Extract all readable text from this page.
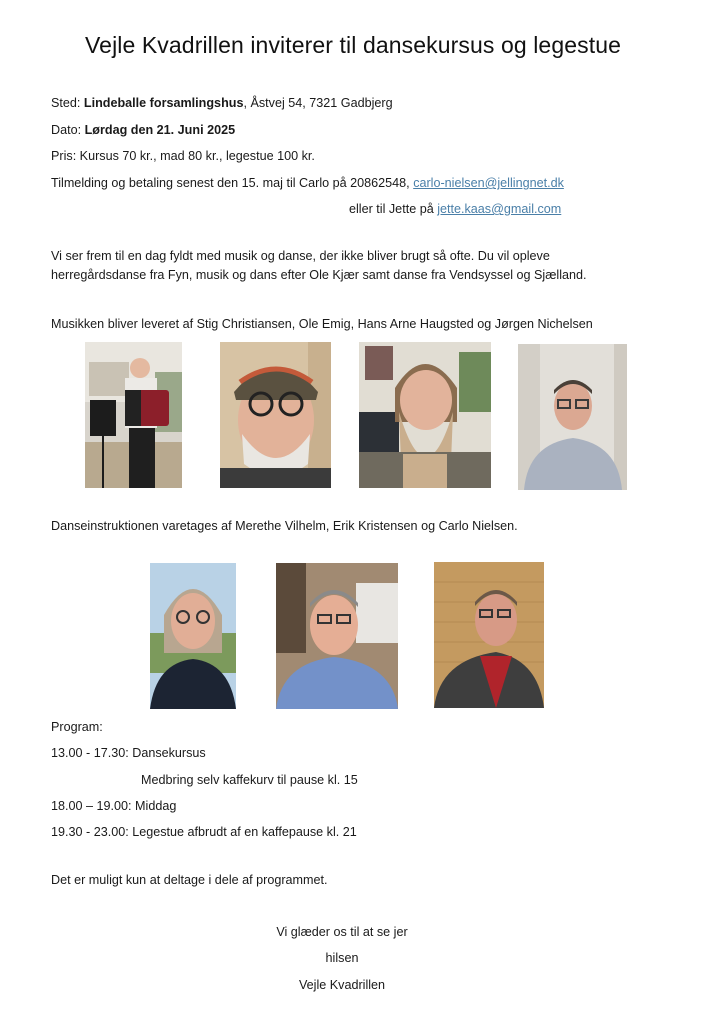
Vejle Kvadrillen inviterer til dansekursus og legestue
Sted: Lindeballe forsamlingshus, Åstvej 54, 7321 Gadbjerg
Dato: Lørdag den 21. Juni 2025
Pris: Kursus 70 kr., mad 80 kr., legestue 100 kr.
Tilmelding og betaling senest den 15. maj til Carlo på 20862548, carlo-nielsen@jellingnet.dk
eller til Jette på jette.kaas@gmail.com
Vi ser frem til en dag fyldt med musik og danse, der ikke bliver brugt så ofte. Du vil opleve
herregårdsdanse fra Fyn, musik og dans efter Ole Kjær samt danse fra Vendsyssel og Sjælland.
Musikken bliver leveret af Stig Christiansen, Ole Emig, Hans Arne Haugsted og Jørgen Nichelsen
Danseinstruktionen varetages af Merethe Vilhelm, Erik Kristensen og Carlo Nielsen.
Program:
13.00 - 17.30: Dansekursus
Medbring selv kaffekurv til pause kl. 15
18.00 – 19.00: Middag
19.30 - 23.00: Legestue afbrudt af en kaffepause kl. 21
Det er muligt kun at deltage i dele af programmet.
Vi glæder os til at se jer
hilsen
Vejle Kvadrillen
